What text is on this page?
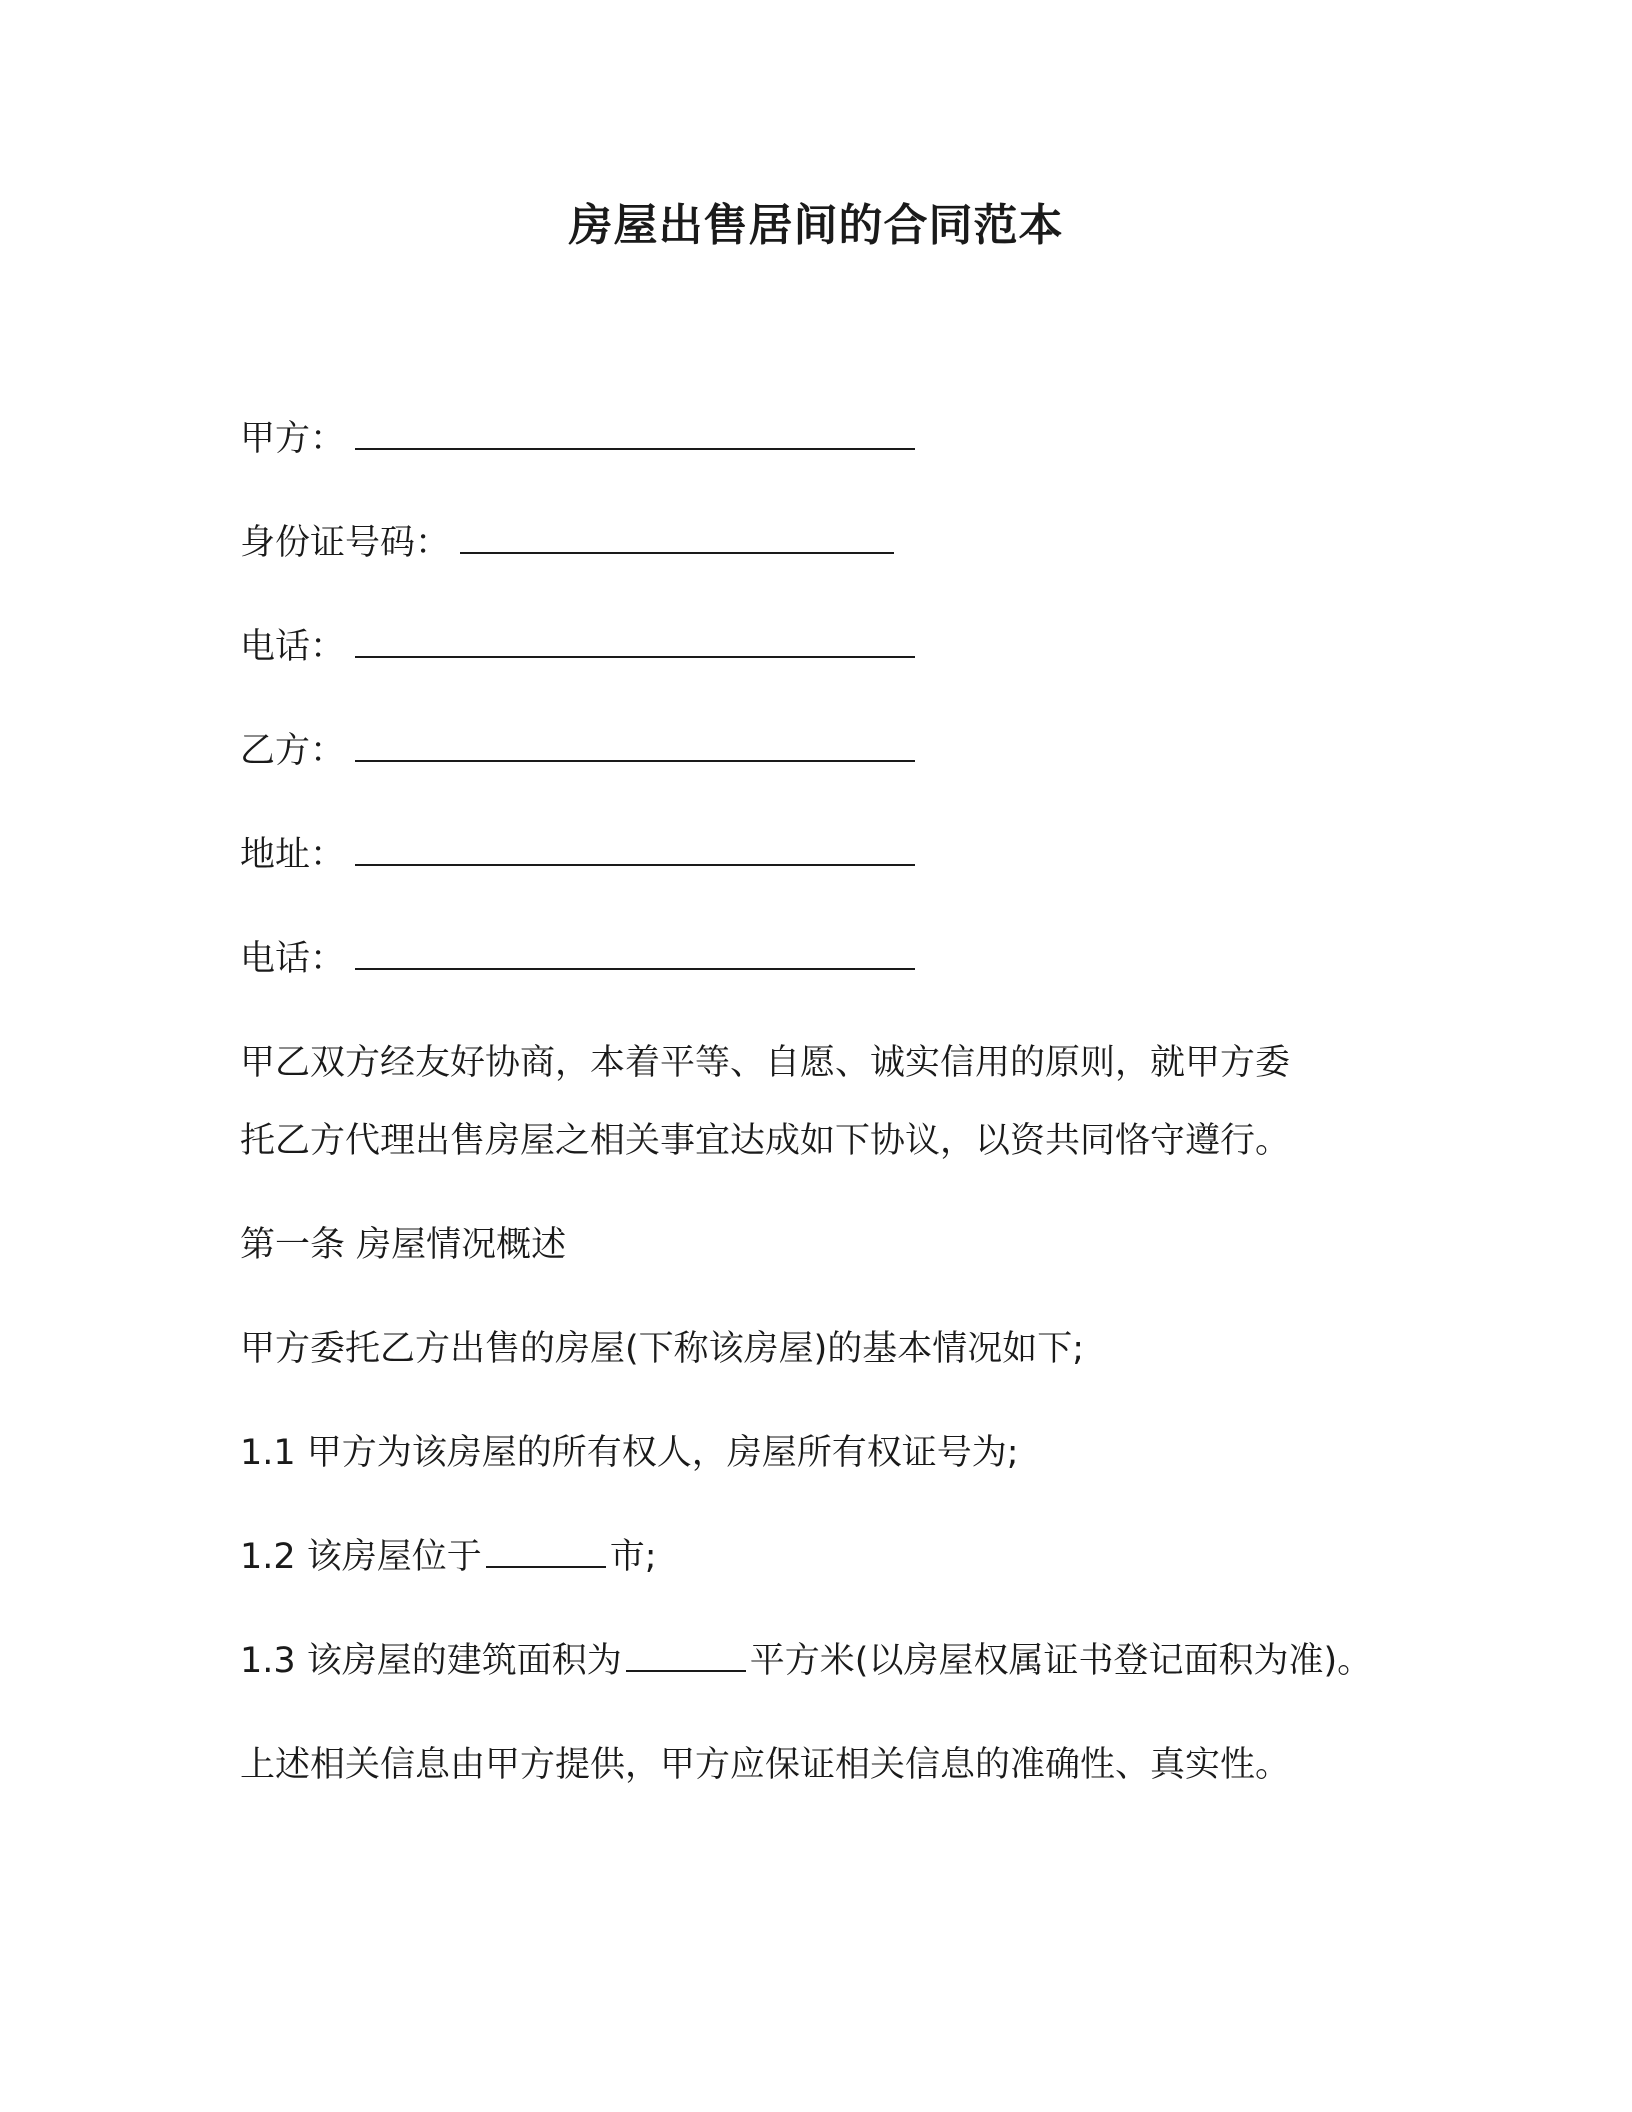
房屋出售居间的合同范本
甲方：
身份证号码：
电话：
乙方：
地址：
电话：

甲乙双方经友好协商，本着平等、自愿、诚实信用的原则，就甲方委

托乙方代理出售房屋之相关事宜达成如下协议，以资共同恪守遵行。

第一条 房屋情况概述

甲方委托乙方出售的房屋(下称该房屋)的基本情况如下;

1.1 甲方为该房屋的所有权人，房屋所有权证号为;

1.2 该房屋位于	市;
1.3 该房屋的建筑面积为	平方米(以房屋权属证书登记面积为准)。

上述相关信息由甲方提供，甲方应保证相关信息的准确性、真实性。
